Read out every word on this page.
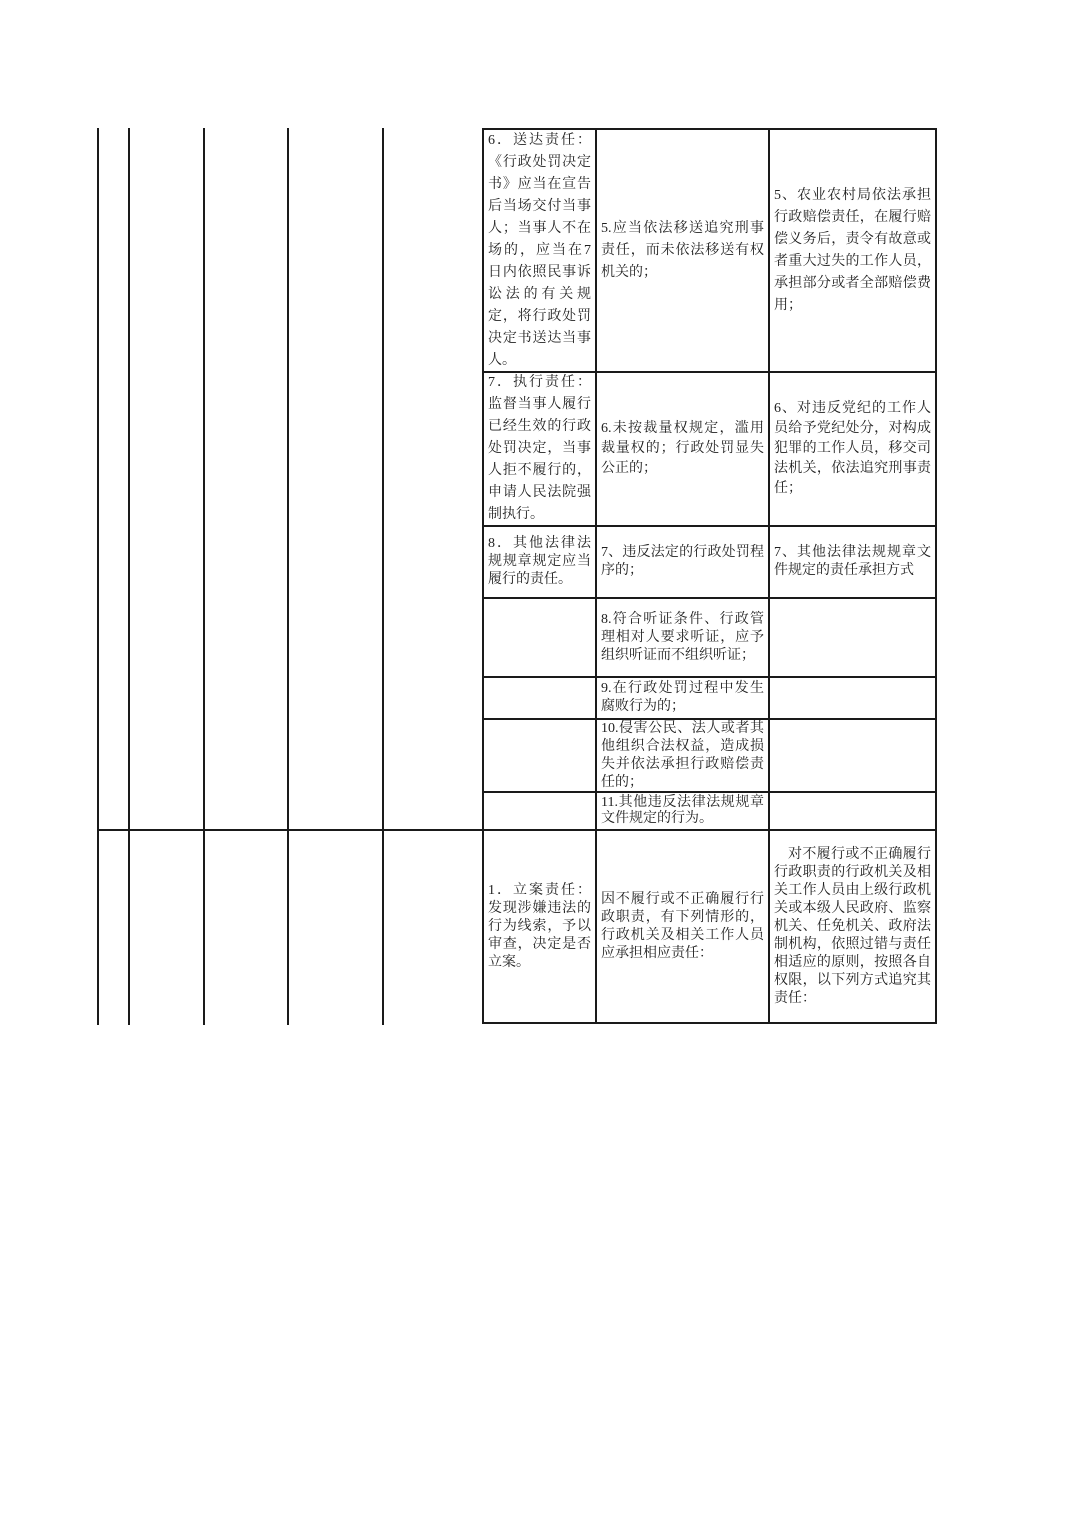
6．送达责任：《行政处罚决定书》应当在宣告后当场交付当事人；当事人不在场的，应当在7日内依照民事诉讼法的有关规定，将行政处罚决定书送达当事人。
7．执行责任：监督当事人履行已经生效的行政处罚决定，当事人拒不履行的，申请人民法院强制执行。
8．其他法律法规规章规定应当履行的责任。
5.应当依法移送追究刑事责任，而未依法移送有权机关的；
6.未按裁量权规定，滥用裁量权的；行政处罚显失公正的；
7、违反法定的行政处罚程序的；
8.符合听证条件、行政管理相对人要求听证，应予组织听证而不组织听证；
9.在行政处罚过程中发生腐败行为的；
10.侵害公民、法人或者其他组织合法权益，造成损失并依法承担行政赔偿责任的；
11.其他违反法律法规规章文件规定的行为。
5、农业农村局依法承担行政赔偿责任，在履行赔偿义务后，责令有故意或者重大过失的工作人员，承担部分或者全部赔偿费用；
6、对违反党纪的工作人员给予党纪处分，对构成犯罪的工作人员，移交司法机关，依法追究刑事责任；
7、其他法律法规规章文件规定的责任承担方式
1．立案责任：发现涉嫌违法的行为线索，予以审查，决定是否立案。
因不履行或不正确履行行政职责，有下列情形的，行政机关及相关工作人员应承担相应责任：
对不履行或不正确履行行政职责的行政机关及相关工作人员由上级行政机关或本级人民政府、监察机关、任免机关、政府法制机构，依照过错与责任相适应的原则，按照各自权限，以下列方式追究其责任：
